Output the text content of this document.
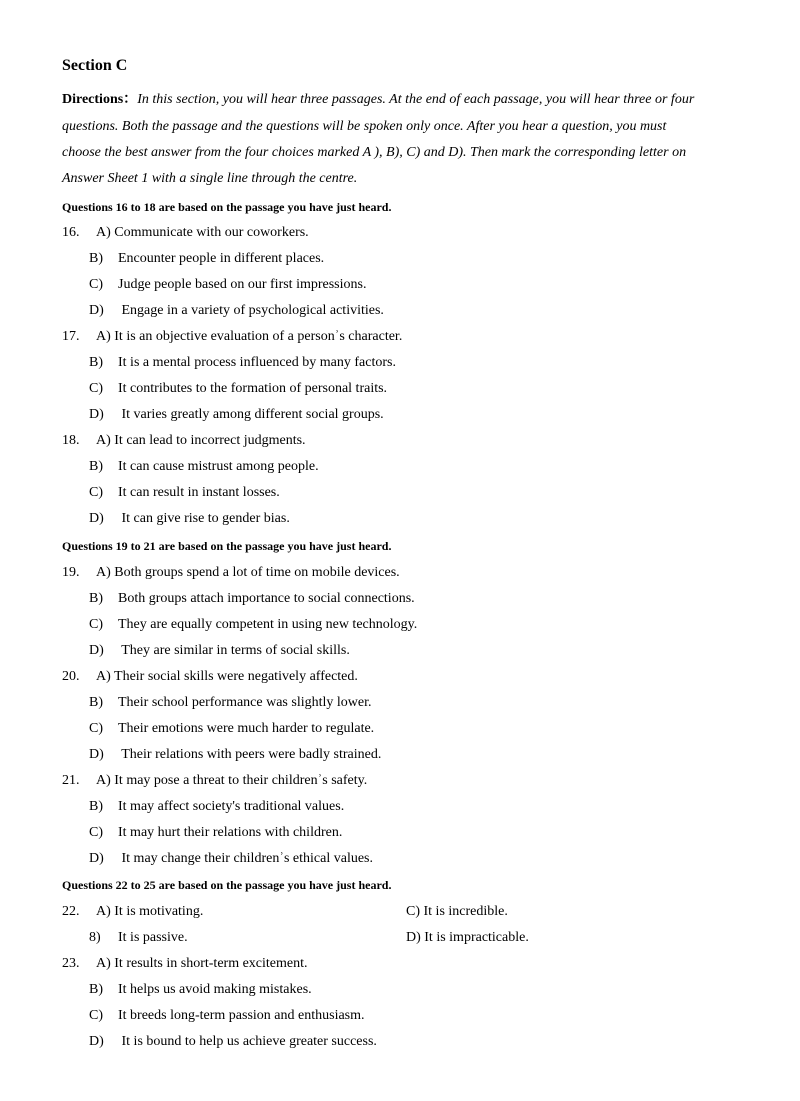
Section C
Directions：In this section, you will hear three passages. At the end of each passage, you will hear three or four
questions. Both the passage and the questions will be spoken only once. After you hear a question, you must
choose the best answer from the four choices marked A ), B), C) and D). Then mark the corresponding letter on
Answer Sheet 1 with a single line through the centre.
Questions 16 to 18 are based on the passage you have just heard.
16. A) Communicate with our coworkers.
B) Encounter people in different places.
C) Judge people based on our first impressions.
D) Engage in a variety of psychological activities.
17. A) It is an objective evaluation of a personʾs character.
B) It is a mental process influenced by many factors.
C) It contributes to the formation of personal traits.
D) It varies greatly among different social groups.
18. A) It can lead to incorrect judgments.
B) It can cause mistrust among people.
C) It can result in instant losses.
D) It can give rise to gender bias.
Questions 19 to 21 are based on the passage you have just heard.
19. A) Both groups spend a lot of time on mobile devices.
B) Both groups attach importance to social connections.
C) They are equally competent in using new technology.
D) They are similar in terms of social skills.
20. A) Their social skills were negatively affected.
B) Their school performance was slightly lower.
C) Their emotions were much harder to regulate.
D) Their relations with peers were badly strained.
21. A) It may pose a threat to their childrenʾs safety.
B) It may affect society's traditional values.
C) It may hurt their relations with children.
D) It may change their childrenʾs ethical values.
Questions 22 to 25 are based on the passage you have just heard.
22. A) It is motivating.	C) It is incredible.
8) It is passive.	D) It is impracticable.
23. A) It results in short-term excitement.
B) It helps us avoid making mistakes.
C) It breeds long-term passion and enthusiasm.
D) It is bound to help us achieve greater success.
